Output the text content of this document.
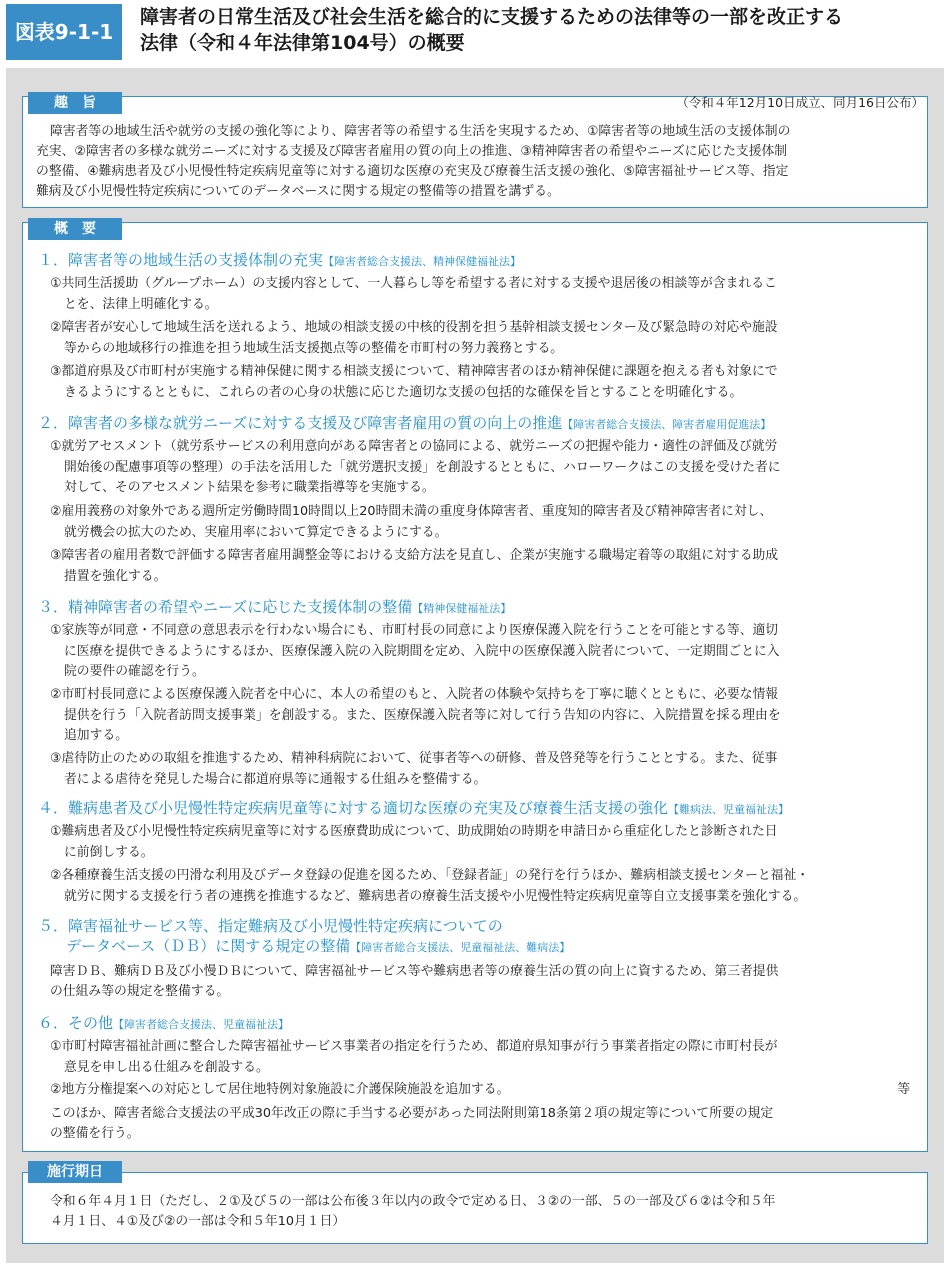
図表9-1-1
障害者の日常生活及び社会生活を総合的に支援するための法律等の一部を改正する
法律（令和４年法律第104号）の概要
趣　旨	（令和４年12月10日成立、同月16日公布）
障害者等の地域生活や就労の支援の強化等により、障害者等の希望する生活を実現するため、①障害者等の地域生活の支援体制の
充実、②障害者の多様な就労ニーズに対する支援及び障害者雇用の質の向上の推進、③精神障害者の希望やニーズに応じた支援体制
の整備、④難病患者及び小児慢性特定疾病児童等に対する適切な医療の充実及び療養生活支援の強化、⑤障害福祉サービス等、指定
難病及び小児慢性特定疾病についてのデータベースに関する規定の整備等の措置を講ずる。
概　要
１．障害者等の地域生活の支援体制の充実【障害者総合支援法、精神保健福祉法】
①共同生活援助（グループホーム）の支援内容として、一人暮らし等を希望する者に対する支援や退居後の相談等が含まれるこ
とを、法律上明確化する。
②障害者が安心して地域生活を送れるよう、地域の相談支援の中核的役割を担う基幹相談支援センター及び緊急時の対応や施設
等からの地域移行の推進を担う地域生活支援拠点等の整備を市町村の努力義務とする。
③都道府県及び市町村が実施する精神保健に関する相談支援について、精神障害者のほか精神保健に課題を抱える者も対象にで
きるようにするとともに、これらの者の心身の状態に応じた適切な支援の包括的な確保を旨とすることを明確化する。
２．障害者の多様な就労ニーズに対する支援及び障害者雇用の質の向上の推進【障害者総合支援法、障害者雇用促進法】
①就労アセスメント（就労系サービスの利用意向がある障害者との協同による、就労ニーズの把握や能力・適性の評価及び就労
開始後の配慮事項等の整理）の手法を活用した「就労選択支援」を創設するとともに、ハローワークはこの支援を受けた者に
対して、そのアセスメント結果を参考に職業指導等を実施する。
②雇用義務の対象外である週所定労働時間10時間以上20時間未満の重度身体障害者、重度知的障害者及び精神障害者に対し、
就労機会の拡大のため、実雇用率において算定できるようにする。
③障害者の雇用者数で評価する障害者雇用調整金等における支給方法を見直し、企業が実施する職場定着等の取組に対する助成
措置を強化する。
３．精神障害者の希望やニーズに応じた支援体制の整備【精神保健福祉法】
①家族等が同意・不同意の意思表示を行わない場合にも、市町村長の同意により医療保護入院を行うことを可能とする等、適切
に医療を提供できるようにするほか、医療保護入院の入院期間を定め、入院中の医療保護入院者について、一定期間ごとに入
院の要件の確認を行う。
②市町村長同意による医療保護入院者を中心に、本人の希望のもと、入院者の体験や気持ちを丁寧に聴くとともに、必要な情報
提供を行う「入院者訪問支援事業」を創設する。また、医療保護入院者等に対して行う告知の内容に、入院措置を採る理由を
追加する。
③虐待防止のための取組を推進するため、精神科病院において、従事者等への研修、普及啓発等を行うこととする。また、従事
者による虐待を発見した場合に都道府県等に通報する仕組みを整備する。
４．難病患者及び小児慢性特定疾病児童等に対する適切な医療の充実及び療養生活支援の強化【難病法、児童福祉法】
①難病患者及び小児慢性特定疾病児童等に対する医療費助成について、助成開始の時期を申請日から重症化したと診断された日
に前倒しする。
②各種療養生活支援の円滑な利用及びデータ登録の促進を図るため、「登録者証」の発行を行うほか、難病相談支援センターと福祉・
就労に関する支援を行う者の連携を推進するなど、難病患者の療養生活支援や小児慢性特定疾病児童等自立支援事業を強化する。
５．障害福祉サービス等、指定難病及び小児慢性特定疾病についての
データベース（ＤＢ）に関する規定の整備【障害者総合支援法、児童福祉法、難病法】
障害ＤＢ、難病ＤＢ及び小慢ＤＢについて、障害福祉サービス等や難病患者等の療養生活の質の向上に資するため、第三者提供
の仕組み等の規定を整備する。
６．その他【障害者総合支援法、児童福祉法】
①市町村障害福祉計画に整合した障害福祉サービス事業者の指定を行うため、都道府県知事が行う事業者指定の際に市町村長が
意見を申し出る仕組みを創設する。
②地方分権提案への対応として居住地特例対象施設に介護保険施設を追加する。	等
このほか、障害者総合支援法の平成30年改正の際に手当する必要があった同法附則第18条第２項の規定等について所要の規定
の整備を行う。
施行期日
令和６年４月１日（ただし、２①及び５の一部は公布後３年以内の政令で定める日、３②の一部、５の一部及び６②は令和５年
４月１日、４①及び②の一部は令和５年10月１日）
